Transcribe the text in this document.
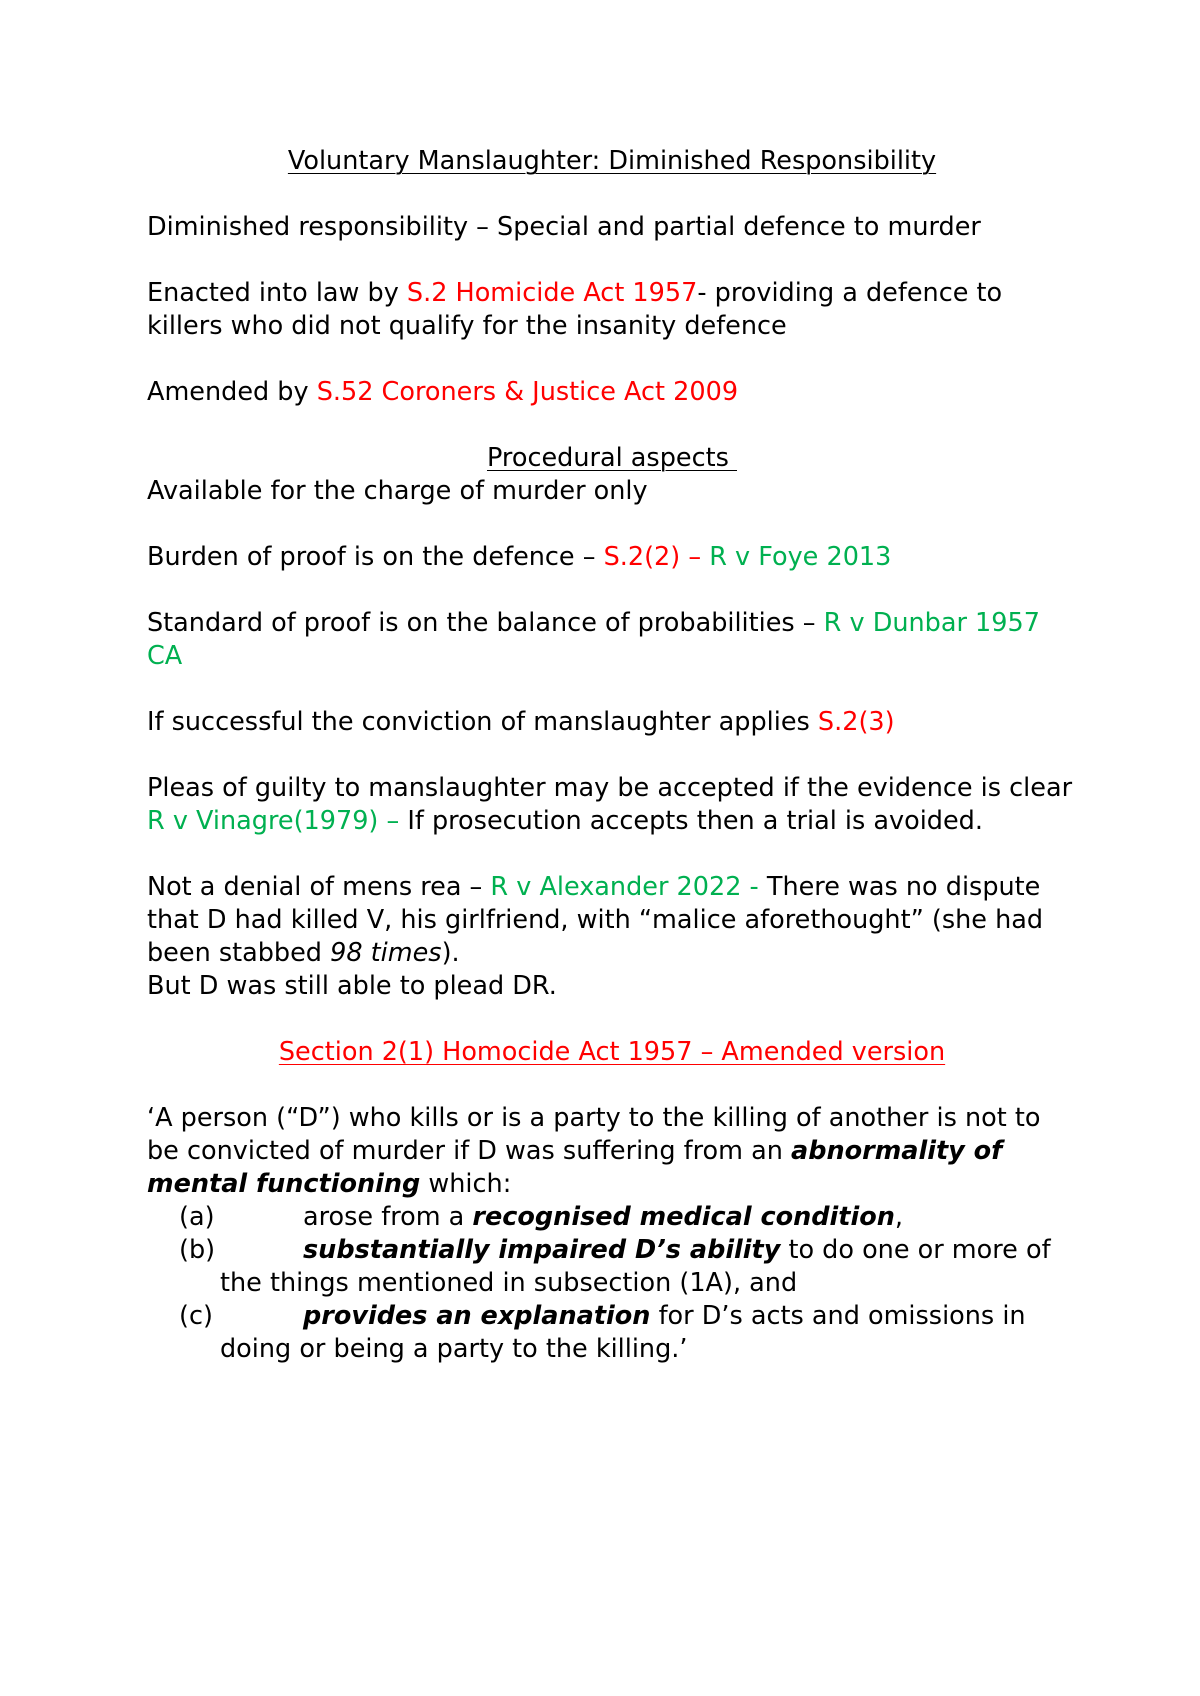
Voluntary Manslaughter: Diminished Responsibility

Diminished responsibility – Special and partial defence to murder

Enacted into law by S.2 Homicide Act 1957- providing a defence to killers who did not qualify for the insanity defence

Amended by S.52 Coroners & Justice Act 2009

Procedural aspects

Available for the charge of murder only

Burden of proof is on the defence – S.2(2) – R v Foye 2013

Standard of proof is on the balance of probabilities – R v Dunbar 1957 CA

If successful the conviction of manslaughter applies S.2(3)

Pleas of guilty to manslaughter may be accepted if the evidence is clear R v Vinagre(1979) – If prosecution accepts then a trial is avoided.

Not a denial of mens rea – R v Alexander 2022 - There was no dispute that D had killed V, his girlfriend, with “malice aforethought” (she had been stabbed 98 times).

But D was still able to plead DR.

Section 2(1) Homocide Act 1957 – Amended version

‘A person (“D”) who kills or is a party to the killing of another is not to be convicted of murder if D was suffering from an abnormality of mental functioning which:

(a)	arose from a recognised medical condition,
(b)	substantially impaired D’s ability to do one or more of the things mentioned in subsection (1A), and
(c)	provides an explanation for D’s acts and omissions in doing or being a party to the killing.’
